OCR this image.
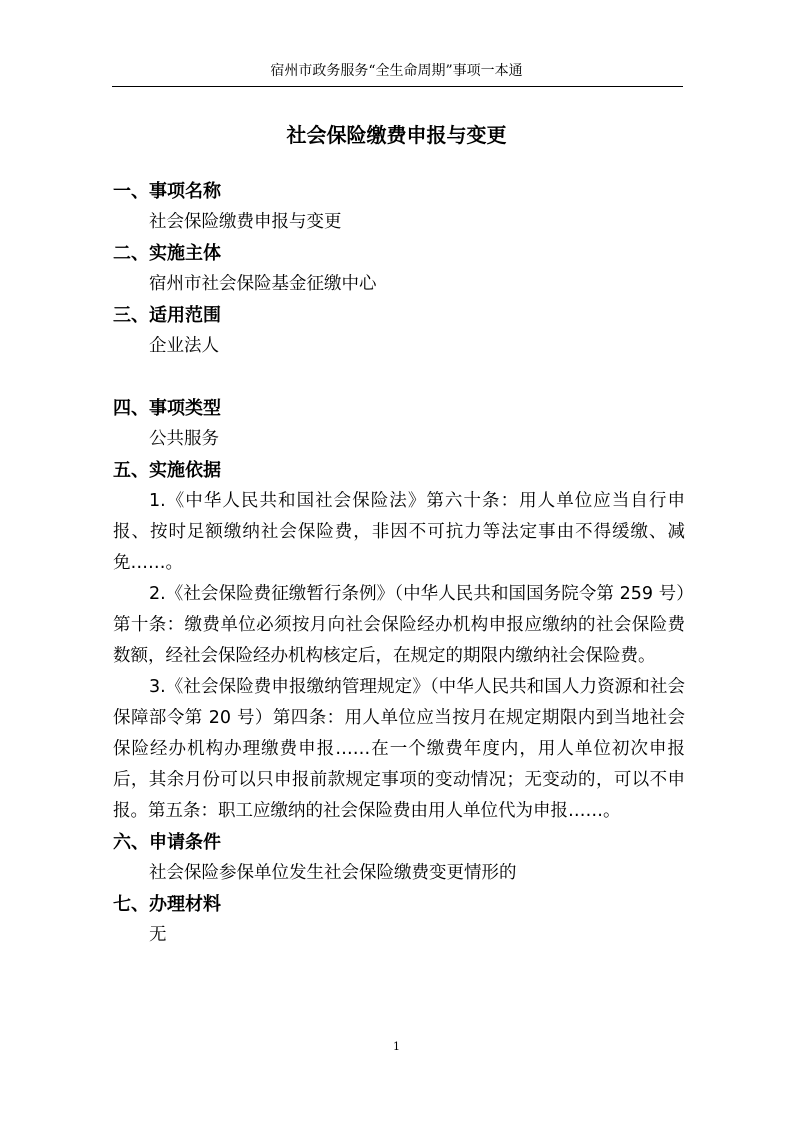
宿州市政务服务“全生命周期”事项一本通
社会保险缴费申报与变更
一、事项名称
社会保险缴费申报与变更
二、实施主体
宿州市社会保险基金征缴中心
三、适用范围
企业法人
四、事项类型
公共服务
五、实施依据

1.《中华人民共和国社会保险法》第六十条：用人单位应当自行申报、按时足额缴纳社会保险费，非因不可抗力等法定事由不得缓缴、减免……。

2.《社会保险费征缴暂行条例》（中华人民共和国国务院令第 259 号）第十条：缴费单位必须按月向社会保险经办机构申报应缴纳的社会保险费数额，经社会保险经办机构核定后，在规定的期限内缴纳社会保险费。

3.《社会保险费申报缴纳管理规定》（中华人民共和国人力资源和社会保障部令第 20 号）第四条：用人单位应当按月在规定期限内到当地社会保险经办机构办理缴费申报……在一个缴费年度内，用人单位初次申报后，其余月份可以只申报前款规定事项的变动情况；无变动的，可以不申报。第五条：职工应缴纳的社会保险费由用人单位代为申报……。

六、申请条件
社会保险参保单位发生社会保险缴费变更情形的
七、办理材料
无
1
